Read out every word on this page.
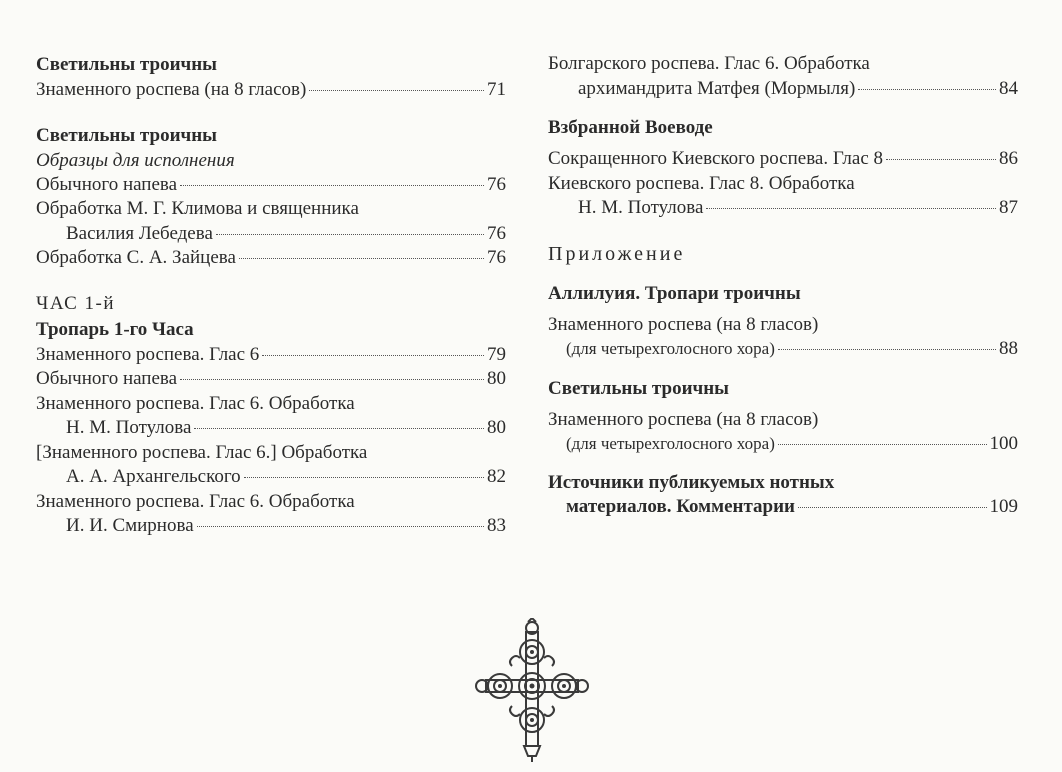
Светильны троичны

Знаменного роспева (на 8 гласов)	71

Светильны троичны

Образцы для исполнения

Обычного напева	76
Обработка М. Г. Климова и священника
Василия Лебедева	76
Обработка С. А. Зайцева	76

ЧАС 1-й

Тропарь 1-го Часа

Знаменного роспева. Глас 6	79
Обычного напева	80
Знаменного роспева. Глас 6. Обработка
Н. М. Потулова	80
[Знаменного роспева. Глас 6.] Обработка
А. А. Архангельского	82
Знаменного роспева. Глас 6. Обработка
И. И. Смирнова	83
Болгарского роспева. Глас 6. Обработка
архимандрита Матфея (Мормыля)	84

Взбранной Воеводе

Сокращенного Киевского роспева. Глас 8	86
Киевского роспева. Глас 8. Обработка
Н. М. Потулова	87

Приложение

Аллилуия. Тропари троичны

Знаменного роспева (на 8 гласов)
(для четырехголосного хора)	88

Светильны троичны

Знаменного роспева (на 8 гласов)
(для четырехголосного хора)	100
Источники публикуемых нотных
материалов. Комментарии	109
